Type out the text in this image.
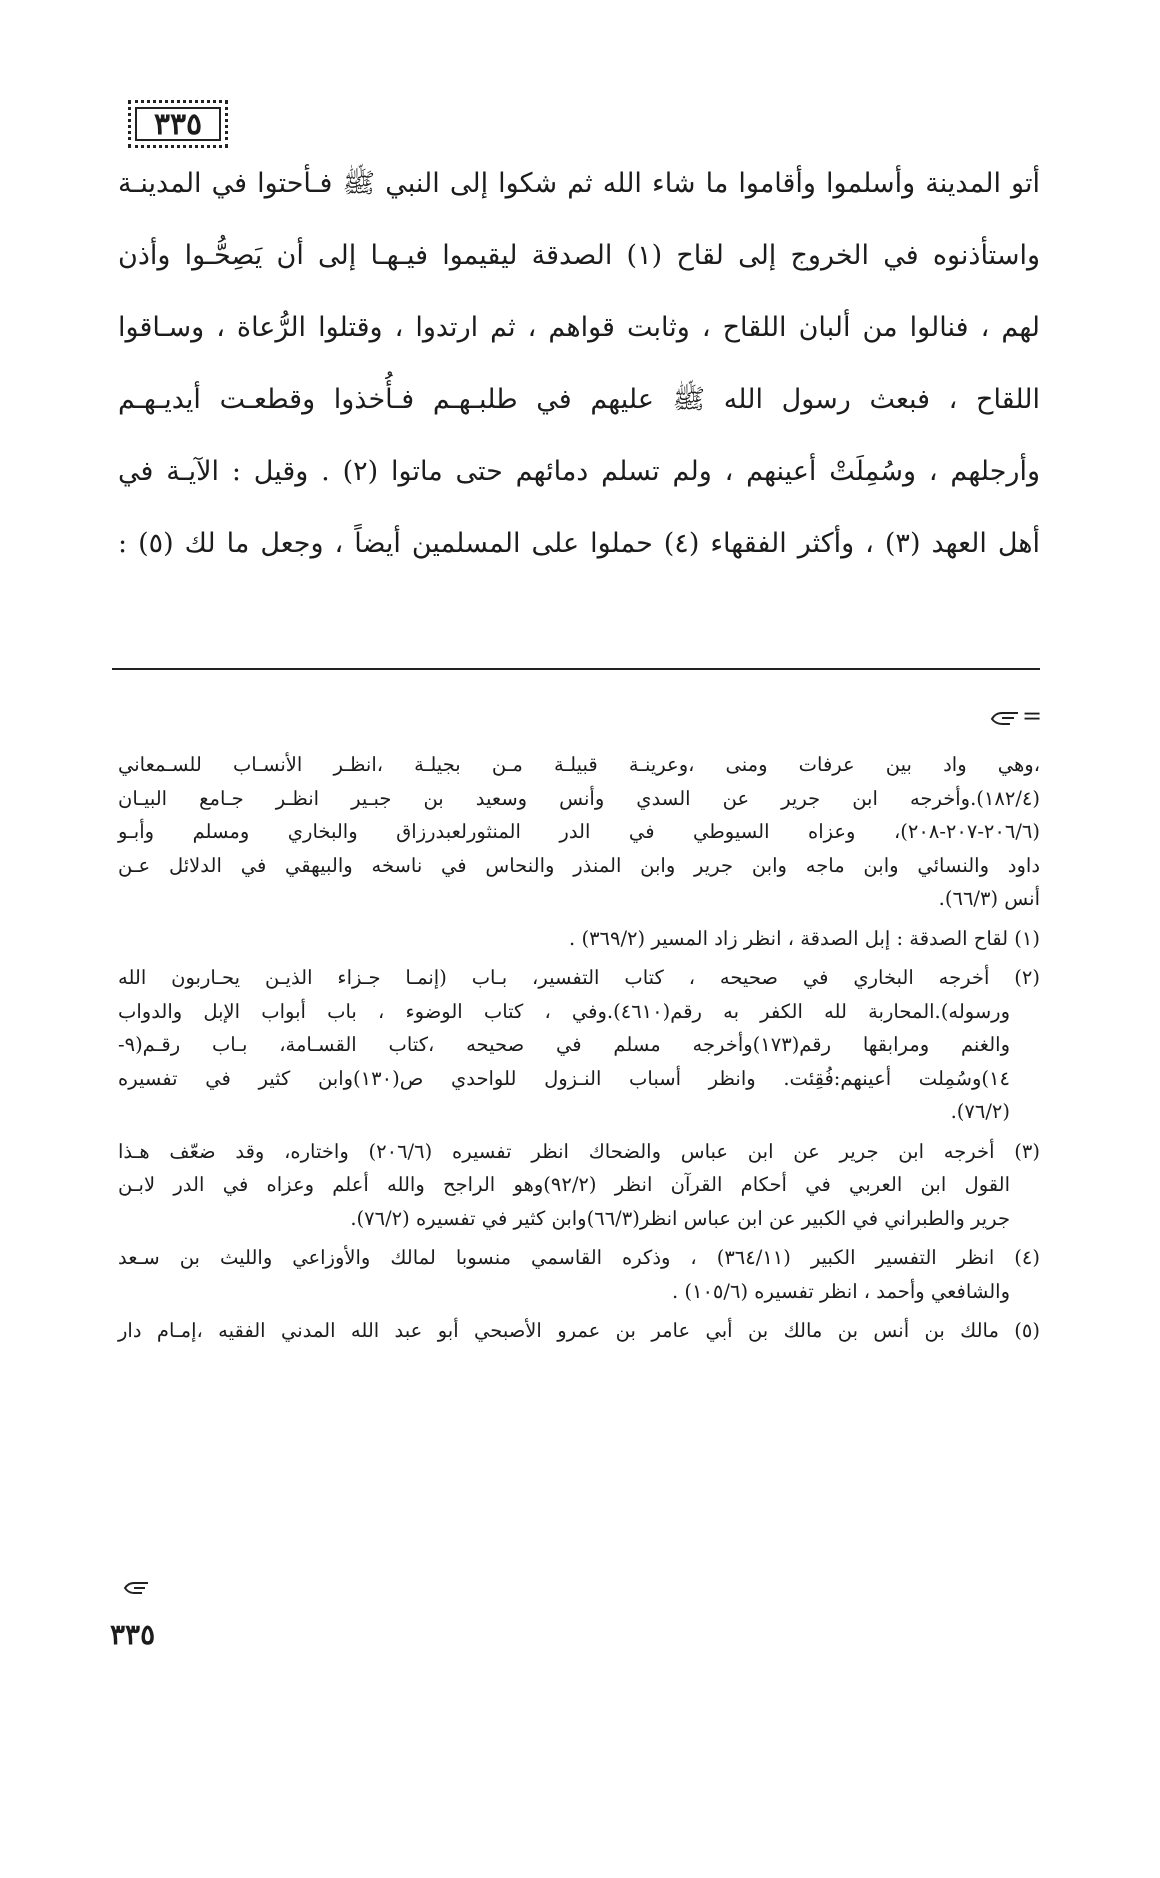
٣٣٥
أتو المدينة وأسلموا وأقاموا ما شاء الله ثم شكوا إلى النبي ﷺ فـأحتوا في المدينـة
واستأذنوه في الخروج إلى لقاح (١) الصدقة ليقيموا فيـهـا إلى أن يَصِحُّـوا وأذن
لهم ، فنالوا من ألبان اللقاح ، وثابت قواهم ، ثم ارتدوا ، وقتلوا الرُّعاة ، وسـاقوا
اللقاح ، فبعث رسول الله ﷺ عليهم في طلبـهـم فـأُخذوا وقطعـت أيديـهـم
وأرجلهم ، وسُمِلَتْ أعينهم ، ولم تسلم دمائهم حتى ماتوا (٢) . وقيل : الآيـة في
أهل العهد (٣) ، وأكثر الفقهاء (٤) حملوا على المسلمين أيضاً ، وجعل ما لك (٥) :
=
،وهي واد بين عرفات ومنى ،وعرينـة قبيلـة مـن بجيلـة ،انظـر الأنسـاب للسـمعاني
(١٨٢/٤).وأخرجه ابن جرير عن السدي وأنس وسعيد بن جبـير انظـر جـامع البيـان
(٢٠٦/٦-٢٠٧-٢٠٨)، وعزاه السيوطي في الدر المنثورلعبدرزاق والبخاري ومسلم وأبـو
داود والنسائي وابن ماجه وابن جرير وابن المنذر والنحاس في ناسخه والبيهقي في الدلائل عـن
أنس (٦٦/٣).
(١) لقاح الصدقة : إبل الصدقة ، انظر زاد المسير (٣٦٩/٢) .
(٢) أخرجه البخاري في صحيحه ، كتاب التفسير، بـاب (إنمـا جـزاء الذيـن يحـاربون الله
ورسوله).المحاربة لله الكفر به رقم(٤٦١٠).وفي ، كتاب الوضوء ، باب أبواب الإبل والدواب
والغنم ومرابقها رقم(١٧٣)وأخرجه مسلم في صحيحه ،كتاب القسـامة، بـاب رقـم(٩-
١٤)وسُمِلت أعينهم:فُقِئت. وانظر أسباب النـزول للواحدي ص(١٣٠)وابن كثير في تفسيره
(٧٦/٢).
(٣) أخرجه ابن جرير عن ابن عباس والضحاك انظر تفسيره (٢٠٦/٦) واختاره، وقد ضعّف هـذا
القول ابن العربي في أحكام القرآن انظر (٩٢/٢)وهو الراجح والله أعلم وعزاه في الدر لابـن
جرير والطبراني في الكبير عن ابن عباس انظر(٦٦/٣)وابن كثير في تفسيره (٧٦/٢).
(٤) انظر التفسير الكبير (٣٦٤/١١) ، وذكره القاسمي منسوبا لمالك والأوزاعي والليث بن سـعد
والشافعي وأحمد ، انظر تفسيره (١٠٥/٦) .
(٥) مالك بن أنس بن مالك بن أبي عامر بن عمرو الأصبحي أبو عبد الله المدني الفقيه ،إمـام دار
٣٣٥
